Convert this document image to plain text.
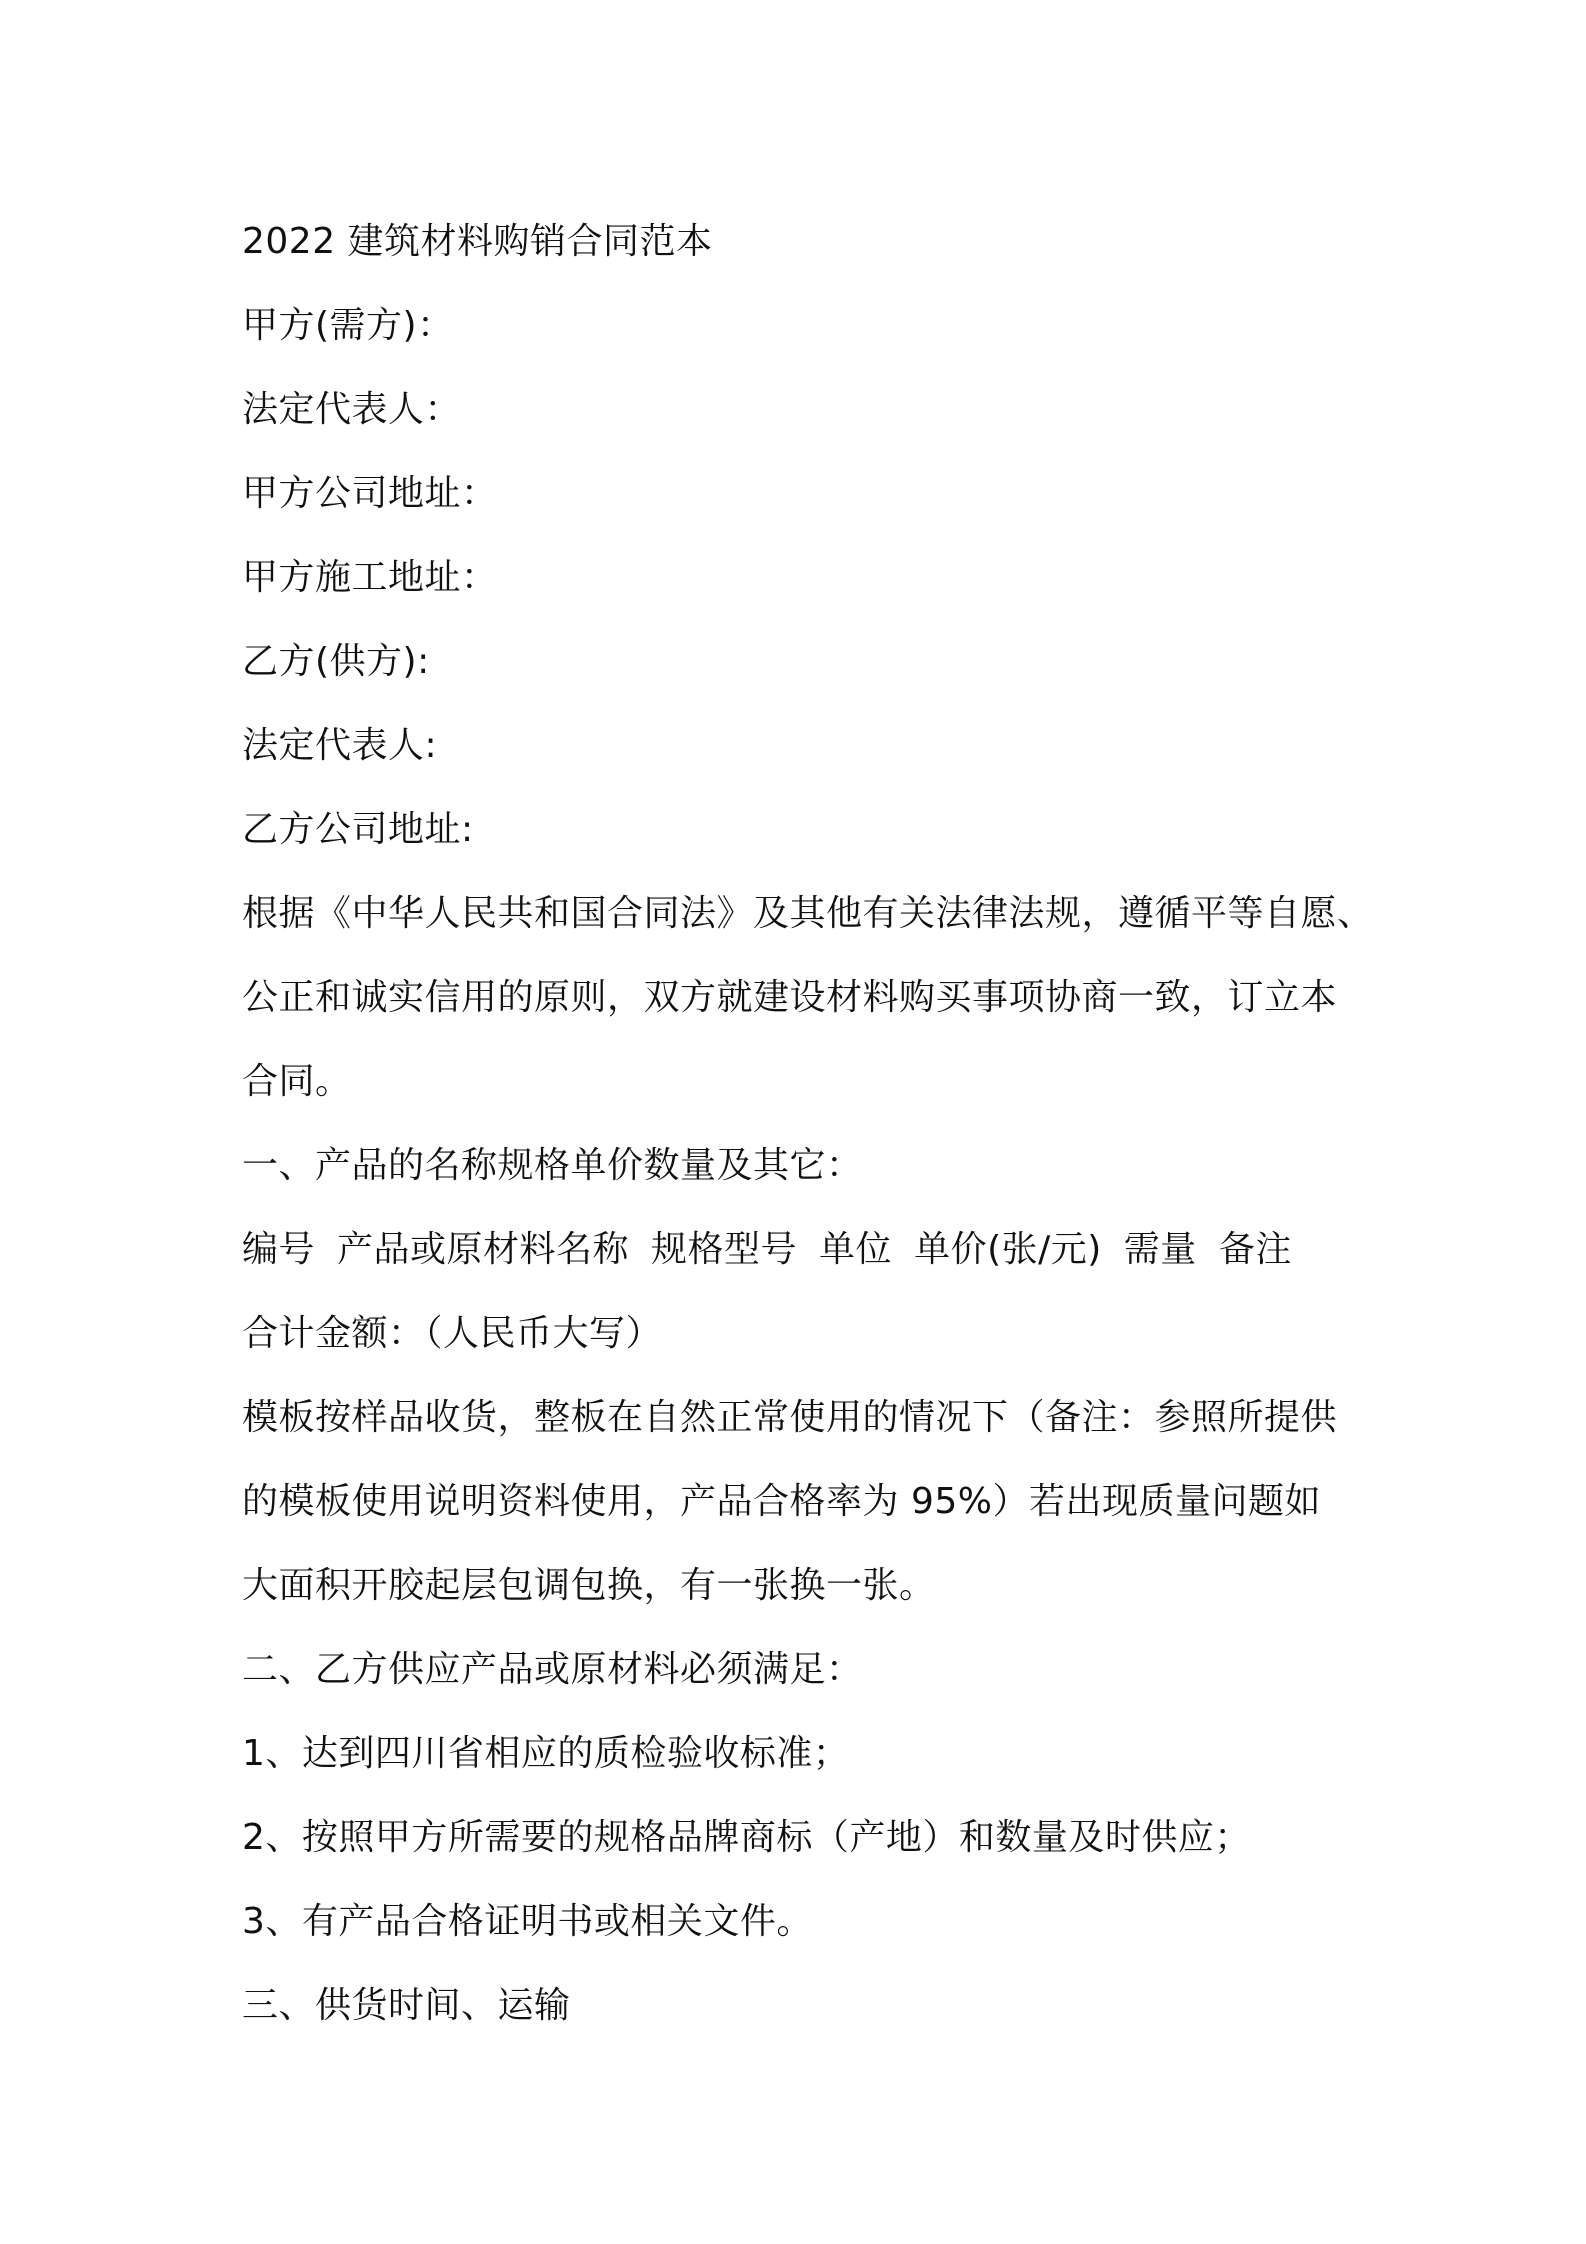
2022 建筑材料购销合同范本
甲方(需方)：
法定代表人：
甲方公司地址：
甲方施工地址：
乙方(供方):
法定代表人:
乙方公司地址:
根据《中华人民共和国合同法》及其他有关法律法规，遵循平等自愿、
公正和诚实信用的原则，双方就建设材料购买事项协商一致，订立本
合同。
一、产品的名称规格单价数量及其它：
编号 产品或原材料名称 规格型号 单位 单价(张/元) 需量 备注
合计金额：（人民币大写）
模板按样品收货，整板在自然正常使用的情况下（备注：参照所提供
的模板使用说明资料使用，产品合格率为 95%）若出现质量问题如
大面积开胶起层包调包换，有一张换一张。
二、乙方供应产品或原材料必须满足：
1、达到四川省相应的质检验收标准；
2、按照甲方所需要的规格品牌商标（产地）和数量及时供应；
3、有产品合格证明书或相关文件。
三、供货时间、运输
